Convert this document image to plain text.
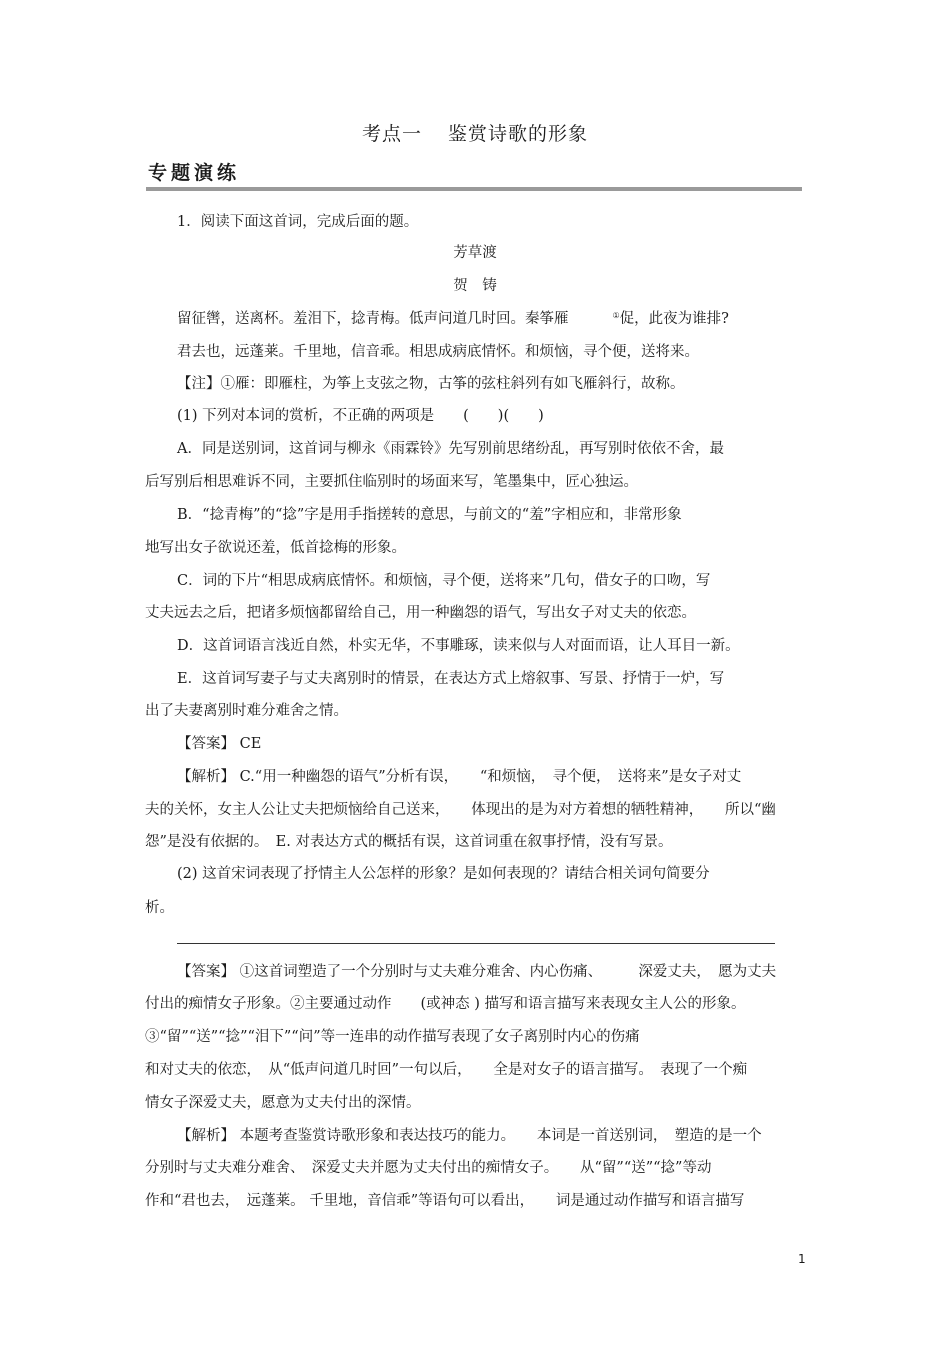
考点一 鉴赏诗歌的形象
专题演练
1．阅读下面这首词，完成后面的题。
芳草渡
贺　铸
留征辔，送离杯。羞泪下，捻青梅。低声问道几时回。秦筝雁	①促，此夜为谁排?
君去也，远蓬莱。千里地，信音乖。相思成病底情怀。和烦恼，寻个便，送将来。
【注】①雁：即雁柱，为筝上支弦之物，古筝的弦柱斜列有如飞雁斜行，故称。
(1) 下列对本词的赏析，不正确的两项是　　(　　)(　　)
A．同是送别词，这首词与柳永《雨霖铃》先写别前思绪纷乱，再写别时依依不舍，最
后写别后相思难诉不同，主要抓住临别时的场面来写，笔墨集中，匠心独运。
B．“捻青梅”的“捻”字是用手指搓转的意思，与前文的“羞”字相应和，非常形象
地写出女子欲说还羞，低首捻梅的形象。
C．词的下片“相思成病底情怀。和烦恼，寻个便，送将来”几句，借女子的口吻，写
丈夫远去之后，把诸多烦恼都留给自己，用一种幽怨的语气，写出女子对丈夫的依恋。
D．这首词语言浅近自然，朴实无华，不事雕琢，读来似与人对面而语，让人耳目一新。
E．这首词写妻子与丈夫离别时的情景，在表达方式上熔叙事、写景、抒情于一炉，写
出了夫妻离别时难分难舍之情。
【答案】 CE
【解析】 C.“用一种幽怨的语气”分析有误，　　“和烦恼，　寻个便，　送将来”是女子对丈
夫的关怀，女主人公让丈夫把烦恼给自己送来，　　体现出的是为对方着想的牺牲精神，　　所以“幽
怨”是没有依据的。　E. 对表达方式的概括有误，这首词重在叙事抒情，没有写景。
(2) 这首宋词表现了抒情主人公怎样的形象？是如何表现的？请结合相关词句简要分
析。
【答案】 ①这首词塑造了一个分别时与丈夫难分难舍、内心伤痛、　　　深爱丈夫，　愿为丈夫
付出的痴情女子形象。②主要通过动作　　(或神态 ) 描写和语言描写来表现女主人公的形象。
③“留”“送”“捻”“泪下”“问”等一连串的动作描写表现了女子离别时内心的伤痛
和对丈夫的依恋，　从“低声问道几时回”一句以后，　　全是对女子的语言描写。　表现了一个痴
情女子深爱丈夫，愿意为丈夫付出的深情。
【解析】 本题考查鉴赏诗歌形象和表达技巧的能力。　　本词是一首送别词，　塑造的是一个
分别时与丈夫难分难舍、　深爱丈夫并愿为丈夫付出的痴情女子。　　从“留”“送”“捻”等动
作和“君也去，　远蓬莱。 千里地，音信乖”等语句可以看出，　　词是通过动作描写和语言描写
1
